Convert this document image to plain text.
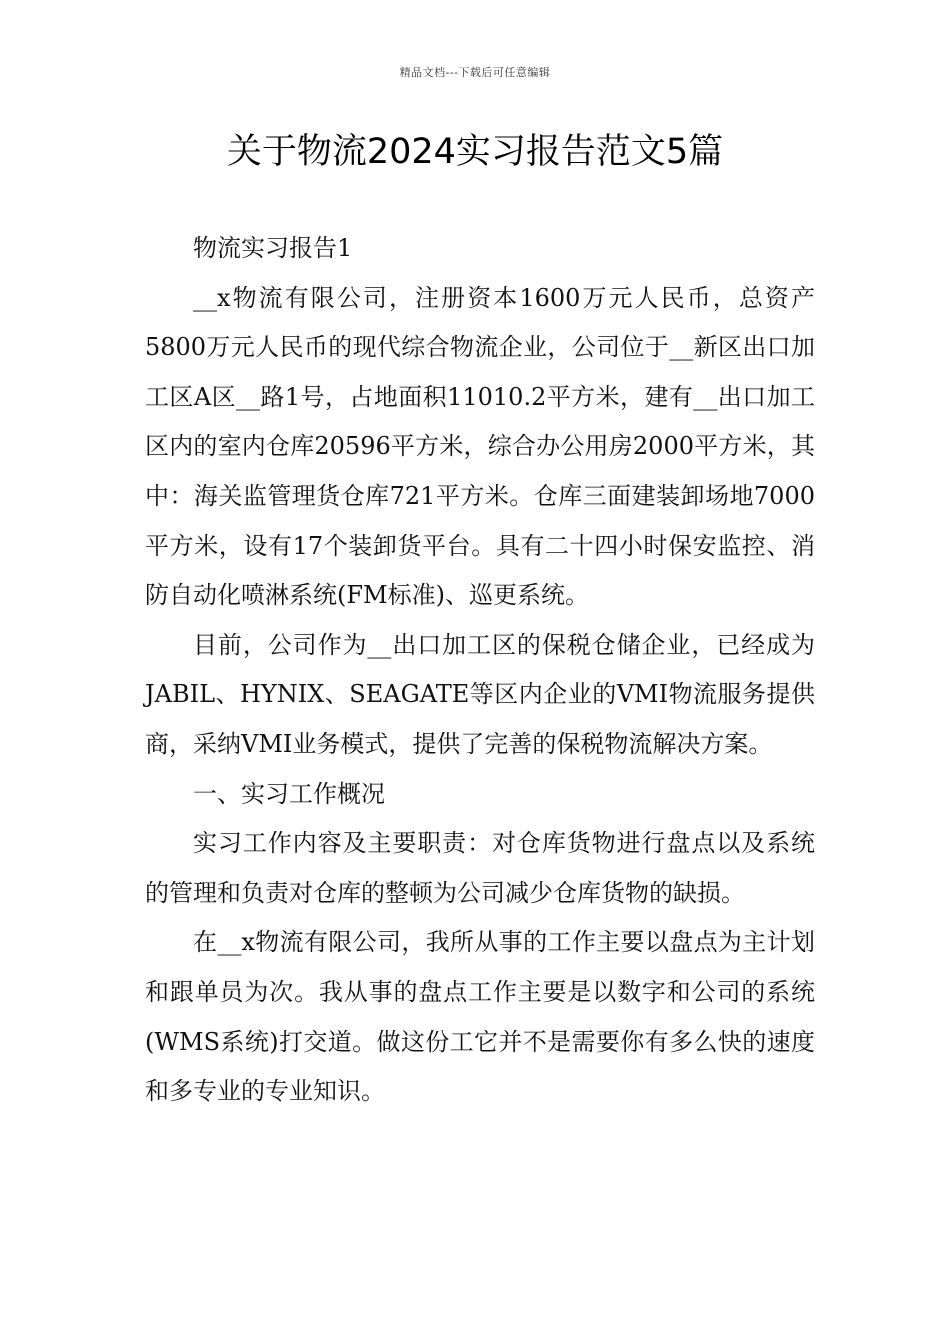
精品文档---下载后可任意编辑
关于物流2024实习报告范文5篇

物流实习报告1

__x物流有限公司，注册资本1600万元人民币，总资产5800万元人民币的现代综合物流企业，公司位于__新区出口加工区A区__路1号，占地面积11010.2平方米，建有__出口加工区内的室内仓库20596平方米，综合办公用房2000平方米，其中：海关监管理货仓库721平方米。仓库三面建装卸场地7000平方米，设有17个装卸货平台。具有二十四小时保安监控、消防自动化喷淋系统(FM标准)、巡更系统。

目前，公司作为__出口加工区的保税仓储企业，已经成为JABIL、HYNIX、SEAGATE等区内企业的VMI物流服务提供商，采纳VMI业务模式，提供了完善的保税物流解决方案。

一、实习工作概况

实习工作内容及主要职责：对仓库货物进行盘点以及系统的管理和负责对仓库的整顿为公司减少仓库货物的缺损。

在__x物流有限公司，我所从事的工作主要以盘点为主计划和跟单员为次。我从事的盘点工作主要是以数字和公司的系统(WMS系统)打交道。做这份工它并不是需要你有多么快的速度和多专业的专业知识。
